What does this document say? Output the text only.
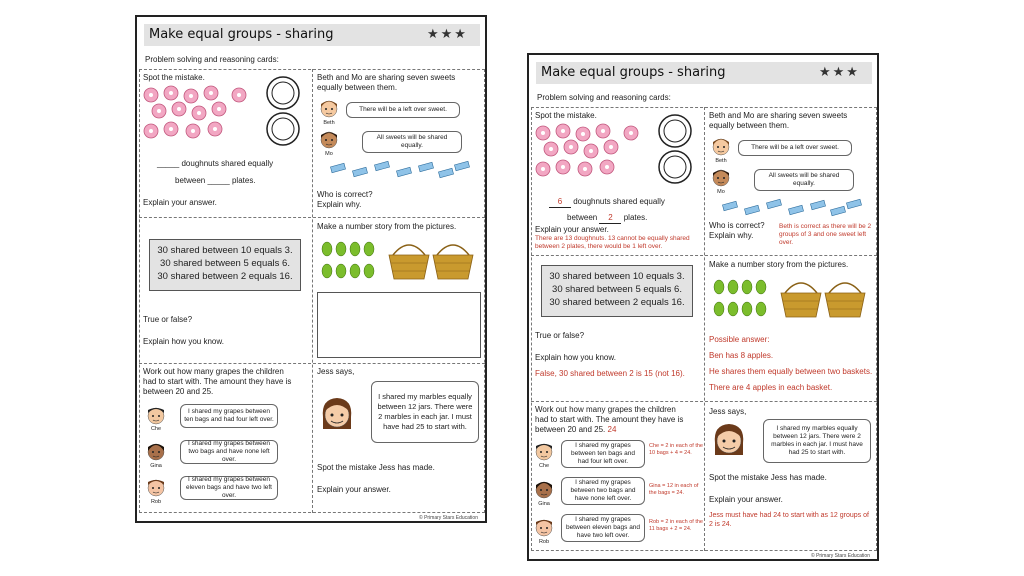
Make equal groups - sharing	★★★
Problem solving and reasoning cards:
Spot the mistake.
_____ doughnuts shared equally
between _____ plates.
Explain your answer.
Beth and Mo are sharing seven sweets
equally between them.
Beth
There will be a left over sweet.
Mo
All sweets will be shared equally.
Who is correct?
Explain why.
30 shared between 10 equals 3.
30 shared between 5 equals 6.
30 shared between 2 equals 16.
True or false?
Explain how you know.
Make a number story from the pictures.
Work out how many grapes the children
had to start with. The amount they have is
between 20 and 25.
Che
I shared my grapes between ten bags and had four left over.
Gina
I shared my grapes between two bags and have none left over.
Rob
I shared my grapes between eleven bags and have two left over.
Jess says,
I shared my marbles equally between 12 jars. There were 2 marbles in each jar. I must have had 25 to start with.
Spot the mistake Jess has made.
Explain your answer.
© Primary Stars Education
Make equal groups - sharing	★★★
Problem solving and reasoning cards:
Spot the mistake.
6 doughnuts shared equally
between 2 plates.
Explain your answer.
There are 13 doughnuts. 13 cannot be equally shared between 2 plates, there would be 1 left over.
Beth and Mo are sharing seven sweets
equally between them.
Beth
There will be a left over sweet.
Mo
All sweets will be shared equally.
Who is correct?
Explain why.
Beth is correct as there will be 2 groups of 3 and one sweet left over.
30 shared between 10 equals 3.
30 shared between 5 equals 6.
30 shared between 2 equals 16.
True or false?
Explain how you know.
False, 30 shared between 2 is 15 (not 16).
Make a number story from the pictures.
Possible answer:
Ben has 8 apples.
He shares them equally between two baskets.
There are 4 apples in each basket.
Work out how many grapes the children
had to start with. The amount they have is
between 20 and 25. 24
Che
I shared my grapes between ten bags and had four left over.
Che = 2 in each of the 10 bags + 4 = 24.
Gina
I shared my grapes between two bags and have none left over.
Gina = 12 in each of the bags = 24.
Rob
I shared my grapes between eleven bags and have two left over.
Rob = 2 in each of the 11 bags + 2 = 24.
Jess says,
I shared my marbles equally between 12 jars. There were 2 marbles in each jar. I must have had 25 to start with.
Spot the mistake Jess has made.
Explain your answer.
Jess must have had 24 to start with as 12 groups of 2 is 24.
© Primary Stars Education
